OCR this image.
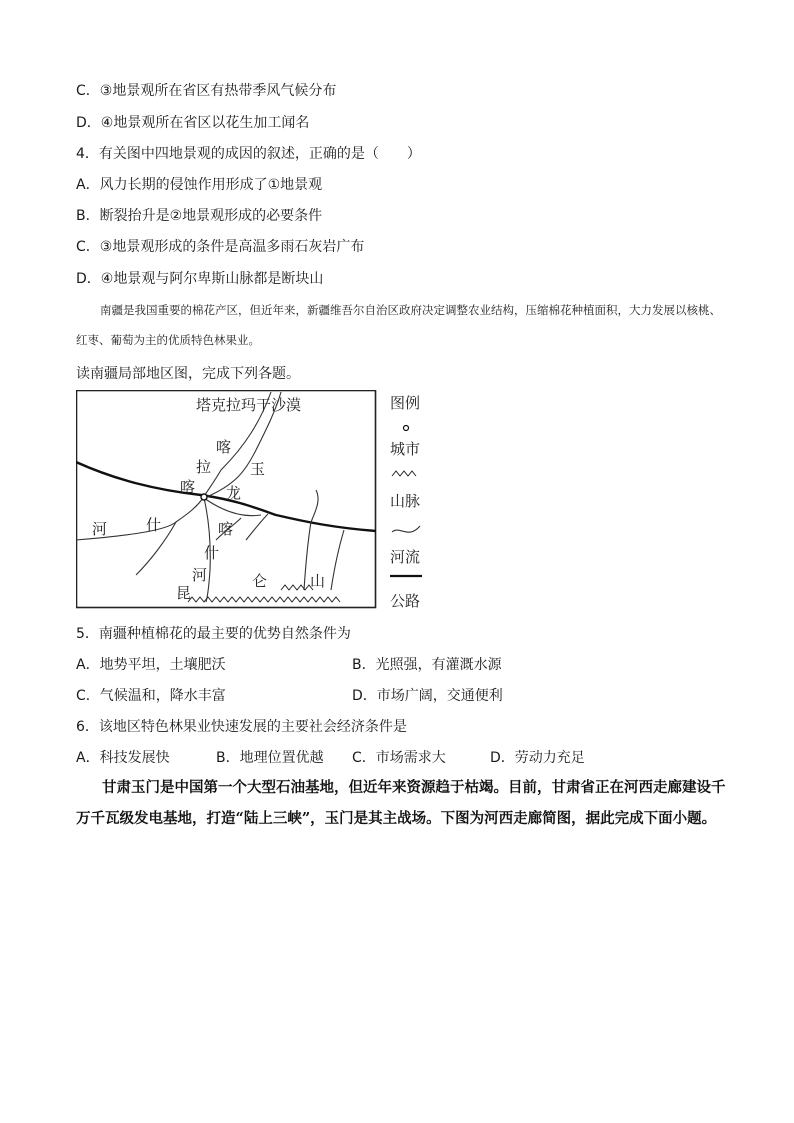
C．③地景观所在省区有热带季风气候分布
D．④地景观所在省区以花生加工闻名
4．有关图中四地景观的成因的叙述，正确的是（　　）
A．风力长期的侵蚀作用形成了①地景观
B．断裂抬升是②地景观形成的必要条件
C．③地景观形成的条件是高温多雨石灰岩广布
D．④地景观与阿尔卑斯山脉都是断块山
南疆是我国重要的棉花产区，但近年来，新疆维吾尔自治区政府决定调整农业结构，压缩棉花种植面积，大力发展以核桃、红枣、葡萄为主的优质特色林果业。
读南疆局部地区图，完成下列各题。
塔克拉玛干沙漠
喀
拉
喀
玉
龙
喀
什
河
什
河
昆
仑	山
图例
城市
山脉
河流
公路
5．南疆种植棉花的最主要的优势自然条件为
A．地势平坦，土壤肥沃	B．光照强，有灌溉水源
C．气候温和，降水丰富	D．市场广阔，交通便利
6．该地区特色林果业快速发展的主要社会经济条件是
A．科技发展快	B．地理位置优越 C．市场需求大	D．劳动力充足
甘肃玉门是中国第一个大型石油基地，但近年来资源趋于枯竭。目前，甘肃省正在河西走廊建设千万千瓦级发电基地，打造“陆上三峡”，玉门是其主战场。下图为河西走廊简图，据此完成下面小题。
